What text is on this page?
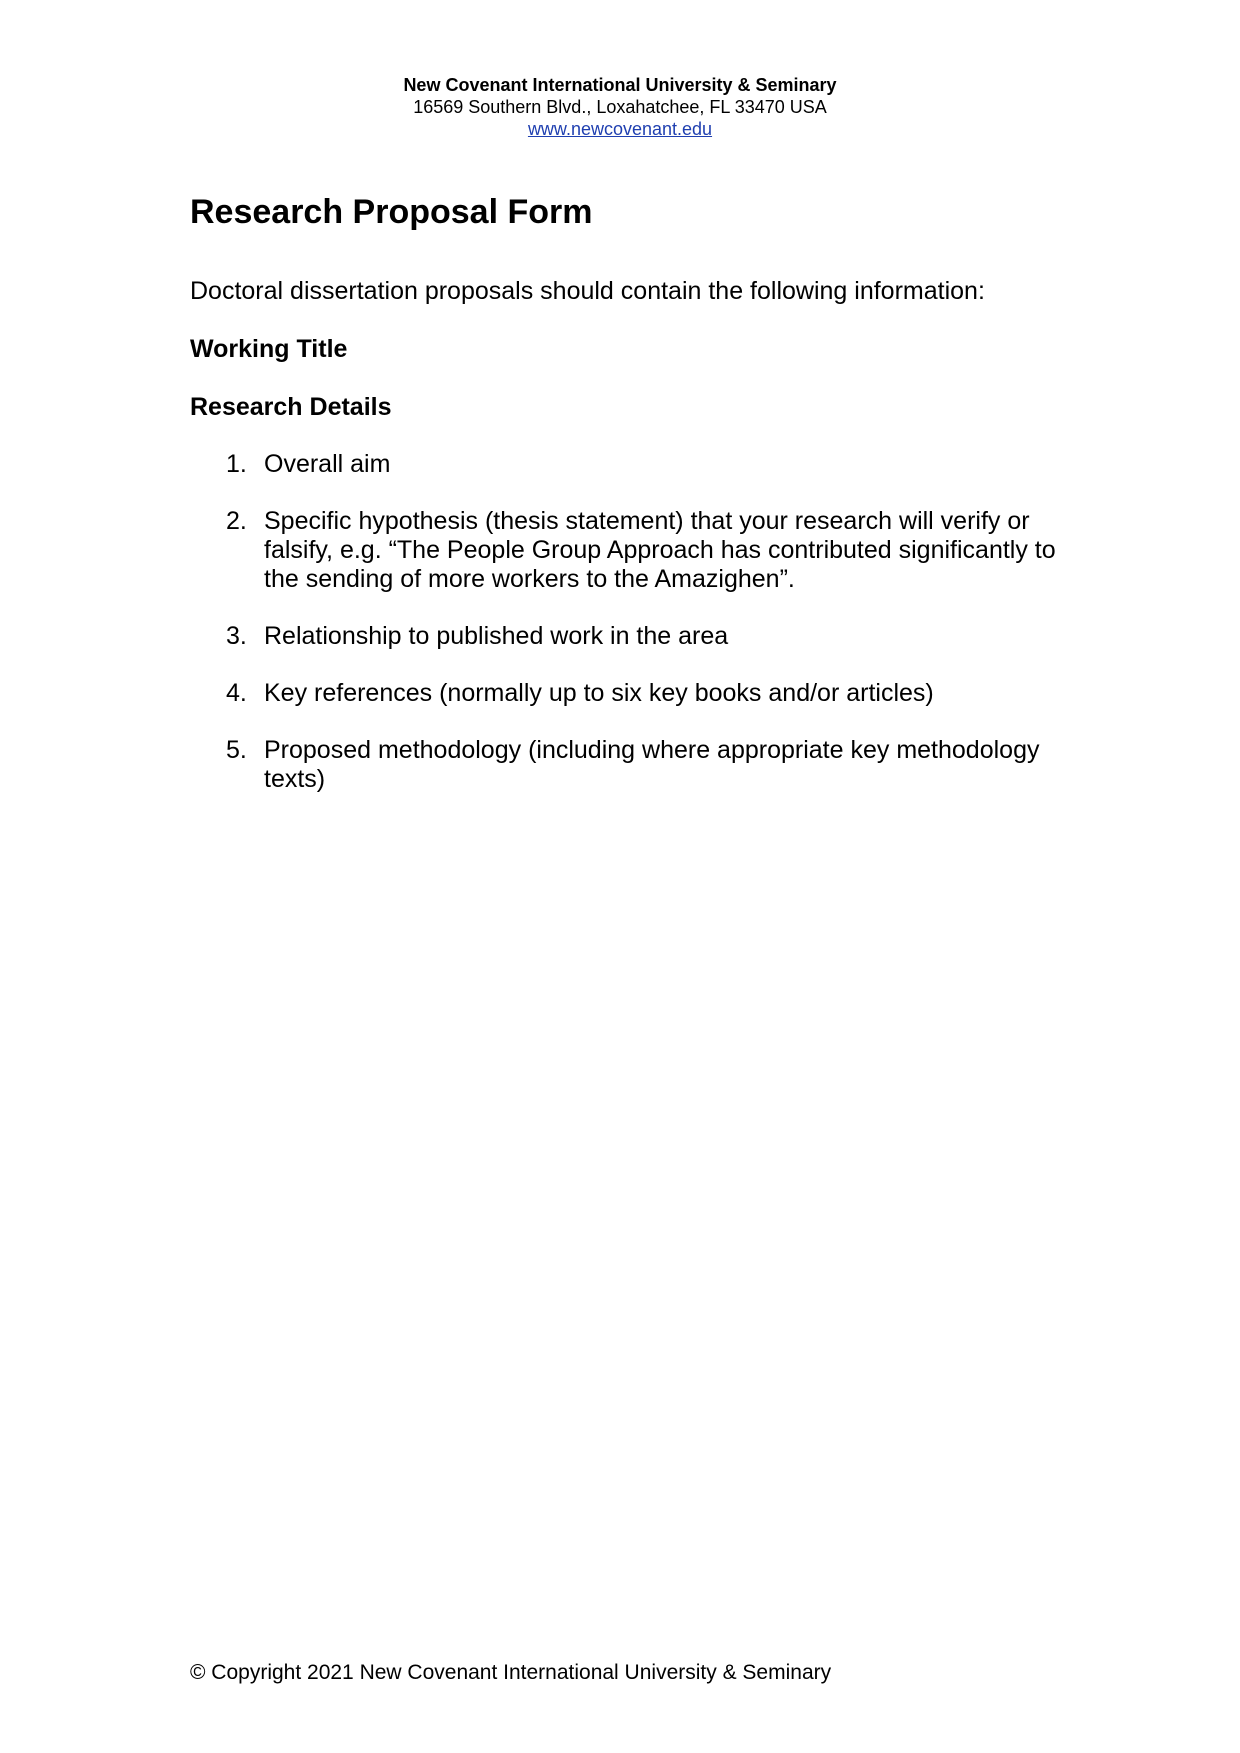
New Covenant International University & Seminary
16569 Southern Blvd., Loxahatchee, FL 33470 USA
www.newcovenant.edu
Research Proposal Form
Doctoral dissertation proposals should contain the following information:
Working Title
Research Details
1. Overall aim
2. Specific hypothesis (thesis statement) that your research will verify or falsify, e.g. “The People Group Approach has contributed significantly to the sending of more workers to the Amazighen”.
3. Relationship to published work in the area
4. Key references (normally up to six key books and/or articles)
5. Proposed methodology (including where appropriate key methodology texts)
© Copyright 2021 New Covenant International University & Seminary
